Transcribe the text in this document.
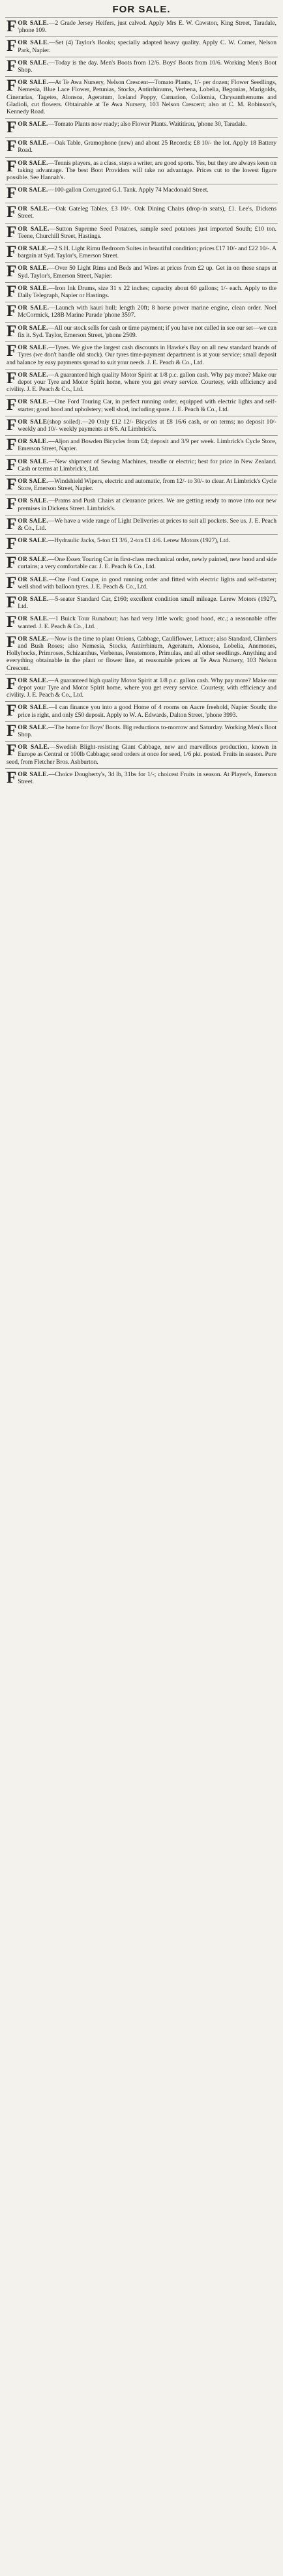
FOR SALE.
FOR SALE.—2 Grade Jersey Heifers, just calved. Apply Mrs E. W. Cawston, King Street, Taradale, 'phone 109.
FOR SALE.—Set (4) Taylor's Books; specially adapted heavy quality. Apply C. W. Corner, Nelson Park, Napier.
FOR SALE.—Today is the day. Men's Boots from 12/6. Boys' Boots from 10/6. Working Men's Boot Shop.
FOR SALE.—At Te Awa Nursery, Nelson Crescent—Tomato Plants, 1/- per dozen; Flower Seedlings, Nemesia, Blue Lace Flower, Petunias, Stocks, Antirrhinums, Verbena, Lobelia, Begonias, Marigolds, Cinerarias, Tagetes, Alonsoa, Ageratum, Iceland Poppy, Carnation, Collomia, Chrysanthemums and Gladioli, cut flowers. Obtainable at Te Awa Nursery, 103 Nelson Crescent; also at C. M. Robinson's, Kennedy Road.
FOR SALE.—Tomato Plants now ready; also Flower Plants. Waititirau, 'phone 30, Taradale.
FOR SALE.—Oak Table, Gramophone (new) and about 25 Records; £8 10/- the lot. Apply 18 Battery Road.
FOR SALE.—Tennis players, as a class, stays a writer, are good sports. Yes, but they are always keen on taking advantage. The best Boot Providers will take no advantage. Prices cut to the lowest figure possible. See Hannah's.
FOR SALE.—100-gallon Corrugated G.I. Tank. Apply 74 Macdonald Street.
FOR SALE.—Oak Gateleg Tables, £3 10/-. Oak Dining Chairs (drop-in seats), £1. Lee's, Dickens Street.
FOR SALE.—Sutton Supreme Seed Potatoes, sample seed potatoes just imported South; £10 ton. Teene, Churchill Street, Hastings.
FOR SALE.—2 S.H. Light Rimu Bedroom Suites in beautiful condition; prices £17 10/- and £22 10/-. A bargain at Syd. Taylor's, Emerson Street.
FOR SALE.—Over 50 Light Rims and Beds and Wires at prices from £2 up. Get in on these snaps at Syd. Taylor's, Emerson Street, Napier.
FOR SALE.—Iron Ink Drums, size 31 x 22 inches; capacity about 60 gallons; 1/- each. Apply to the Daily Telegraph, Napier or Hastings.
FOR SALE.—Launch with kauri hull; length 20ft; 8 horse power marine engine, clean order. Noel McCormick, 128B Marine Parade 'phone 3597.
FOR SALE.—All our stock sells for cash or time payment; if you have not called in see our set—we can fix it. Syd. Taylor, Emerson Street, 'phone 2509.
FOR SALE.—Tyres. We give the largest cash discounts in Hawke's Bay on all new standard brands of Tyres (we don't handle old stock). Our tyres time-payment department is at your service; small deposit and balance by easy payments spread to suit your needs. J. E. Peach & Co., Ltd.
FOR SALE.—A guaranteed high quality Motor Spirit at 1/8 p.c. gallon cash. Why pay more? Make our depot your Tyre and Motor Spirit home, where you get every service. Courtesy, with efficiency and civility. J. E. Peach & Co., Ltd.
FOR SALE.—One Ford Touring Car, in perfect running order, equipped with electric lights and self-starter; good hood and upholstery; well shod, including spare. J. E. Peach & Co., Ltd.
FOR SALE(shop soiled).—20 Only £12 12/- Bicycles at £8 16/6 cash, or on terms; no deposit 10/- weekly and 10/- weekly payments at 6/6. At Limbrick's.
FOR SALE.—Aljon and Bowden Bicycles from £4; deposit and 3/9 per week. Limbrick's Cycle Store, Emerson Street, Napier.
FOR SALE.—New shipment of Sewing Machines, treadle or electric; best for price in New Zealand. Cash or terms at Limbrick's, Ltd.
FOR SALE.—Windshield Wipers, electric and automatic, from 12/- to 30/- to clear. At Limbrick's Cycle Store, Emerson Street, Napier.
FOR SALE.—Prams and Push Chairs at clearance prices. We are getting ready to move into our new premises in Dickens Street. Limbrick's.
FOR SALE.—We have a wide range of Light Deliveries at prices to suit all pockets. See us. J. E. Peach & Co., Ltd.
FOR SALE.—Hydraulic Jacks, 5-ton £1 3/6, 2-ton £1 4/6. Lerew Motors (1927), Ltd.
FOR SALE.—One Essex Touring Car in first-class mechanical order, newly painted, new hood and side curtains; a very comfortable car. J. E. Peach & Co., Ltd.
FOR SALE.—One Ford Coupe, in good running order and fitted with electric lights and self-starter; well shod with balloon tyres. J. E. Peach & Co., Ltd.
FOR SALE.—5-seater Standard Car, £160; excellent condition small mileage. Lerew Motors (1927), Ltd.
FOR SALE.—1 Buick Tour Runabout; has had very little work; good hood, etc.; a reasonable offer wanted. J. E. Peach & Co., Ltd.
FOR SALE.—Now is the time to plant Onions, Cabbage, Cauliflower, Lettuce; also Standard, Climbers and Bush Roses; also Nemesia, Stocks, Antirrhinum, Ageratum, Alonsoa, Lobelia, Anemones, Hollyhocks, Primroses, Schizanthus, Verbenas, Penstemons, Primulas, and all other seedlings. Anything and everything obtainable in the plant or flower line, at reasonable prices at Te Awa Nursery, 103 Nelson Crescent.
FOR SALE.—A guaranteed high quality Motor Spirit at 1/8 p.c. gallon cash. Why pay more? Make our depot your Tyre and Motor Spirit home, where you get every service. Courtesy, with efficiency and civility. J. E. Peach & Co., Ltd.
FOR SALE.—I can finance you into a good Home of 4 rooms on Aacre freehold, Napier South; the price is right, and only £50 deposit. Apply to W. A. Edwards, Dalton Street, 'phone 3993.
FOR SALE.—The home for Boys' Boots. Big reductions to-morrow and Saturday. Working Men's Boot Shop.
FOR SALE.—Swedish Blight-resisting Giant Cabbage, new and marvellous production, known in Europe as Central or 100lb Cabbage; send orders at once for seed, 1/6 pkt. posted. Fruits in season. Pure seed, from Fletcher Bros. Ashburton.
FOR SALE.—Choice Dougherty's, 3d lb, 31bs for 1/-; choicest Fruits in season. At Player's, Emerson Street.
